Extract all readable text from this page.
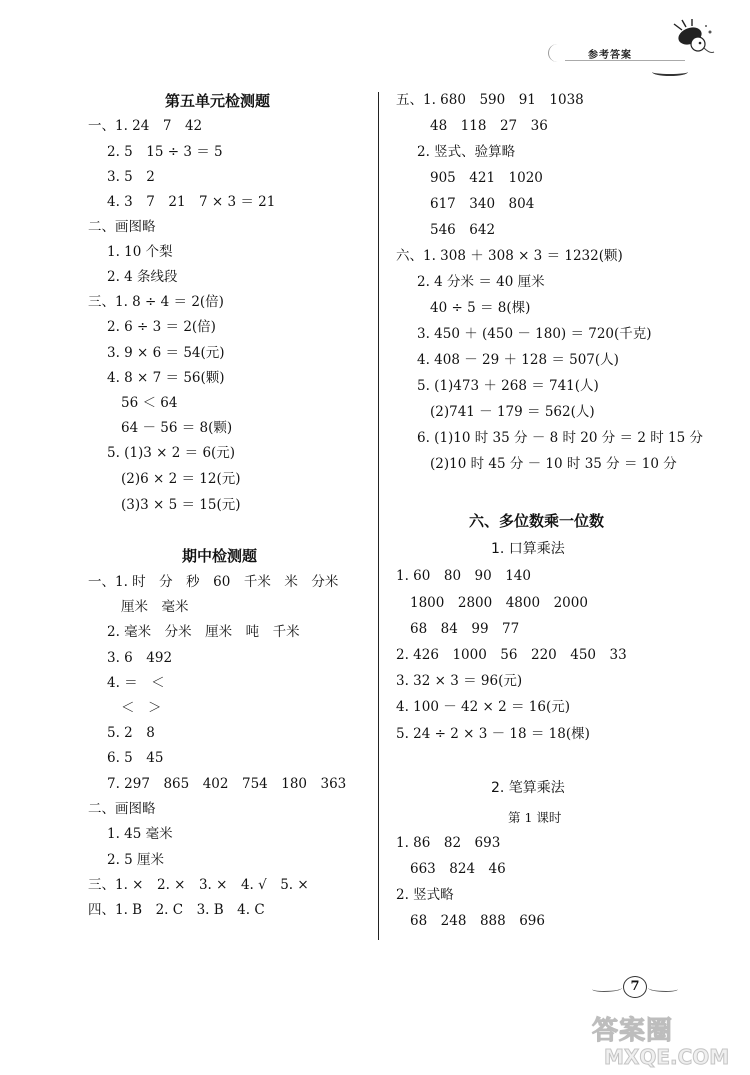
参考答案
第五单元检测题
一、1. 24　7　42
2. 5　15 ÷ 3 ＝ 5
3. 5　2
4. 3　7　21　7 × 3 ＝ 21
二、画图略
1. 10 个梨
2. 4 条线段
三、1. 8 ÷ 4 ＝ 2(倍)
2. 6 ÷ 3 ＝ 2(倍)
3. 9 × 6 ＝ 54(元)
4. 8 × 7 ＝ 56(颗)
56 ＜ 64
64 － 56 ＝ 8(颗)
5. (1)3 × 2 ＝ 6(元)
(2)6 × 2 ＝ 12(元)
(3)3 × 5 ＝ 15(元)
期中检测题
一、1. 时　分　秒　60　千米　米　分米
厘米　毫米
2. 毫米　分米　厘米　吨　千米
3. 6　492
4. ＝　＜
＜　＞
5. 2　8
6. 5　45
7. 297　865　402　754　180　363
二、画图略
1. 45 毫米
2. 5 厘米
三、1. ×　2. ×　3. ×　4. √　5. ×
四、1. B　2. C　3. B　4. C
五、1. 680　590　91　1038
48　118　27　36
2. 竖式、验算略
905　421　1020
617　340　804
546　642
六、1. 308 ＋ 308 × 3 ＝ 1232(颗)
2. 4 分米 ＝ 40 厘米
40 ÷ 5 ＝ 8(棵)
3. 450 ＋ (450 － 180) ＝ 720(千克)
4. 408 － 29 ＋ 128 ＝ 507(人)
5. (1)473 ＋ 268 ＝ 741(人)
(2)741 － 179 ＝ 562(人)
6. (1)10 时 35 分 － 8 时 20 分 ＝ 2 时 15 分
(2)10 时 45 分 － 10 时 35 分 ＝ 10 分
六、多位数乘一位数
1. 口算乘法
1. 60　80　90　140
1800　2800　4800　2000
68　84　99　77
2. 426　1000　56　220　450　33
3. 32 × 3 ＝ 96(元)
4. 100 － 42 × 2 ＝ 16(元)
5. 24 ÷ 2 × 3 － 18 ＝ 18(棵)
2. 笔算乘法
第 1 课时
1. 86　82　693
663　824　46
2. 竖式略
68　248　888　696
7
答案圈
MXQE.COM
